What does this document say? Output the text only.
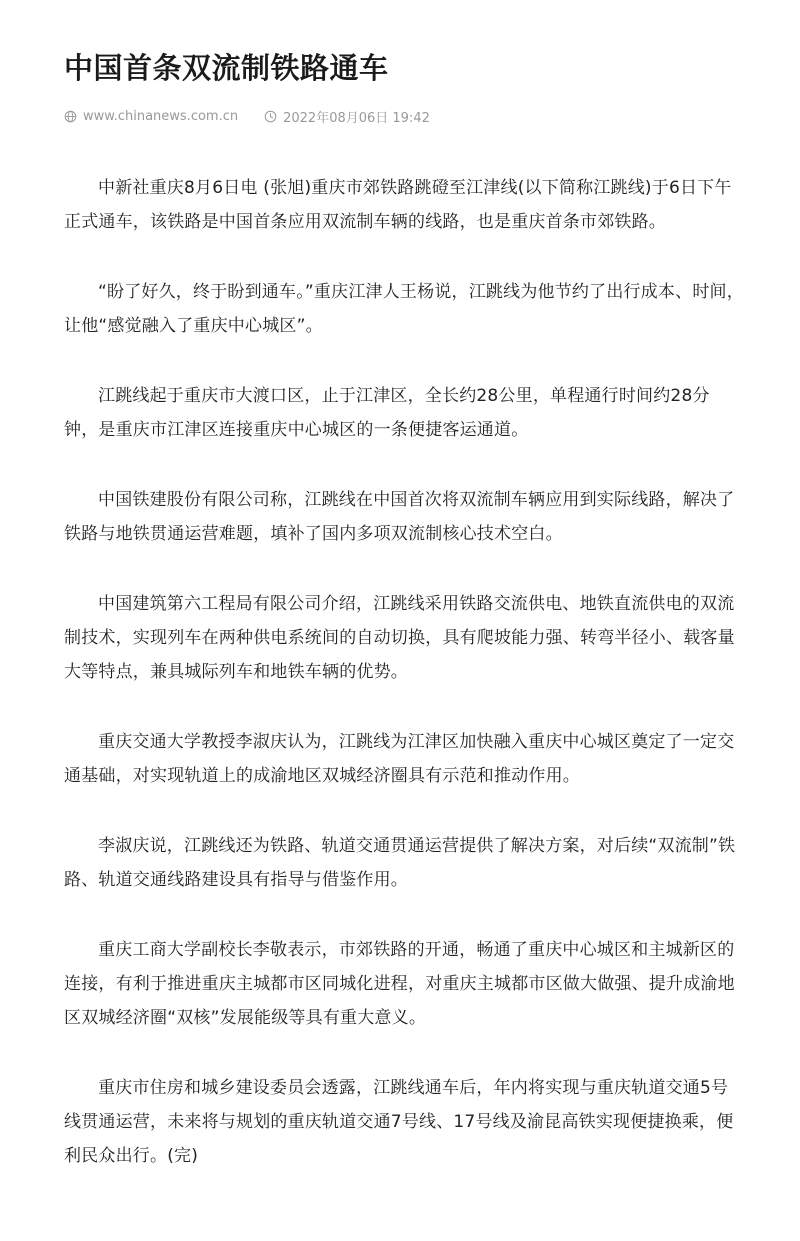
中国首条双流制铁路通车
www.chinanews.com.cn	2022年08月06日 19:42

中新社重庆8月6日电 (张旭)重庆市郊铁路跳磴至江津线(以下简称江跳线)于6日下午正式通车，该铁路是中国首条应用双流制车辆的线路，也是重庆首条市郊铁路。

“盼了好久，终于盼到通车。”重庆江津人王杨说，江跳线为他节约了出行成本、时间，让他“感觉融入了重庆中心城区”。

江跳线起于重庆市大渡口区，止于江津区，全长约28公里，单程通行时间约28分钟，是重庆市江津区连接重庆中心城区的一条便捷客运通道。

中国铁建股份有限公司称，江跳线在中国首次将双流制车辆应用到实际线路，解决了铁路与地铁贯通运营难题，填补了国内多项双流制核心技术空白。

中国建筑第六工程局有限公司介绍，江跳线采用铁路交流供电、地铁直流供电的双流制技术，实现列车在两种供电系统间的自动切换，具有爬坡能力强、转弯半径小、载客量大等特点，兼具城际列车和地铁车辆的优势。

重庆交通大学教授李淑庆认为，江跳线为江津区加快融入重庆中心城区奠定了一定交通基础，对实现轨道上的成渝地区双城经济圈具有示范和推动作用。

李淑庆说，江跳线还为铁路、轨道交通贯通运营提供了解决方案，对后续“双流制”铁路、轨道交通线路建设具有指导与借鉴作用。

重庆工商大学副校长李敬表示，市郊铁路的开通，畅通了重庆中心城区和主城新区的连接，有利于推进重庆主城都市区同城化进程，对重庆主城都市区做大做强、提升成渝地区双城经济圈“双核”发展能级等具有重大意义。

重庆市住房和城乡建设委员会透露，江跳线通车后，年内将实现与重庆轨道交通5号线贯通运营，未来将与规划的重庆轨道交通7号线、17号线及渝昆高铁实现便捷换乘，便利民众出行。(完)
